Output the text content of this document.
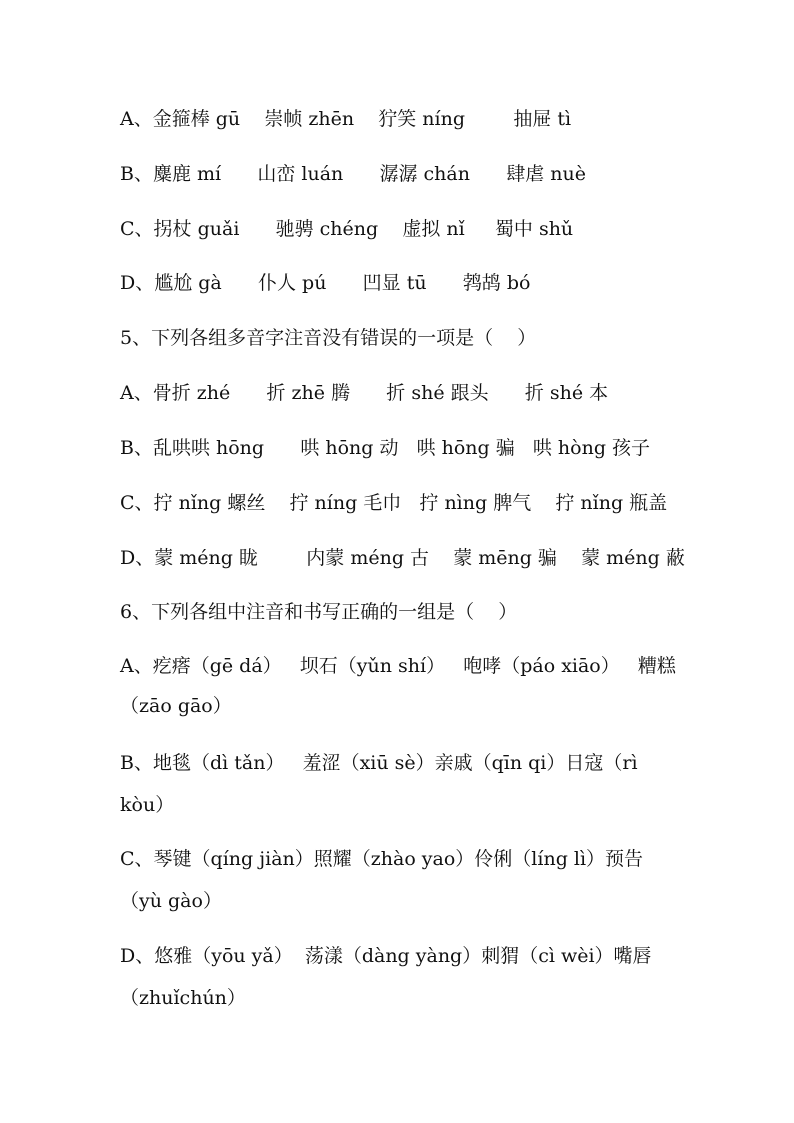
A、金箍棒 gū    崇帧 zhēn    狞笑 níng        抽屉 tì
B、麋鹿 mí      山峦 luán      潺潺 chán      肆虐 nuè
C、拐杖 guǎi      驰骋 chéng    虚拟 nǐ     蜀中 shǔ
D、尴尬 gà      仆人 pú      凹显 tū      鹁鸪 bó
5、下列各组多音字注音没有错误的一项是（    ）
A、骨折 zhé      折 zhē 腾      折 shé 跟头      折 shé 本
B、乱哄哄 hōng      哄 hōng 动   哄 hōng 骗   哄 hòng 孩子
C、拧 nǐng 螺丝    拧 níng 毛巾   拧 nìng 脾气    拧 nǐng 瓶盖
D、蒙 méng 眬        内蒙 méng 古    蒙 mēng 骗    蒙 méng 蔽
6、下列各组中注音和书写正确的一组是（    ）
A、疙瘩（gē dá）   坝石（yǔn shí）   咆哮（páo xiāo）   糟糕（zāo gāo）
B、地毯（dì tǎn）   羞涩（xiū sè）亲戚（qīn qi）日寇（rì kòu）
C、琴键（qíng jiàn）照耀（zhào yao）伶俐（líng lì）预告（yù gào）
D、悠雅（yōu yǎ）  荡漾（dàng yàng）刺猬（cì wèi）嘴唇（zhuǐchún）
